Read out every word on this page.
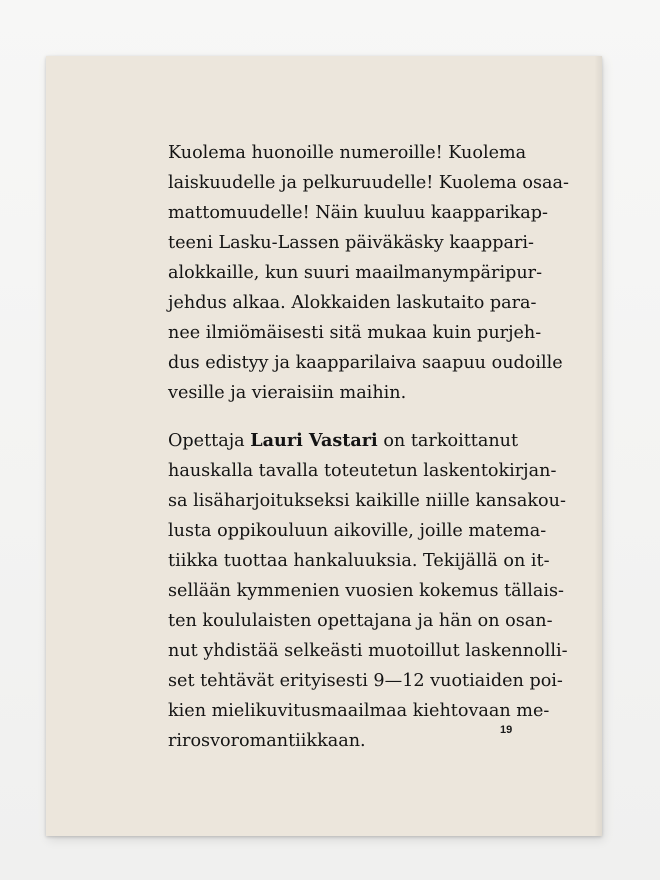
Kuolema huonoille numeroille! Kuolema
laiskuudelle ja pelkuruudelle! Kuolema osaa-
mattomuudelle! Näin kuuluu kaapparikap-
teeni Lasku-Lassen päiväkäsky kaappari-
alokkaille, kun suuri maailmanympäripur-
jehdus alkaa. Alokkaiden laskutaito para-
nee ilmiömäisesti sitä mukaa kuin purjeh-
dus edistyy ja kaapparilaiva saapuu oudoille
vesille ja vieraisiin maihin.

Opettaja Lauri Vastari on tarkoittanut
hauskalla tavalla toteutetun laskentokirjan-
sa lisäharjoitukseksi kaikille niille kansakou-
lusta oppikouluun aikoville, joille matema-
tiikka tuottaa hankaluuksia. Tekijällä on it-
sellään kymmenien vuosien kokemus tällais-
ten koululaisten opettajana ja hän on osan-
nut yhdistää selkeästi muotoillut laskennolli-
set tehtävät erityisesti 9—12 vuotiaiden poi-
kien mielikuvitusmaailmaa kiehtovaan me-
rirosvoromantiikkaan.

19
